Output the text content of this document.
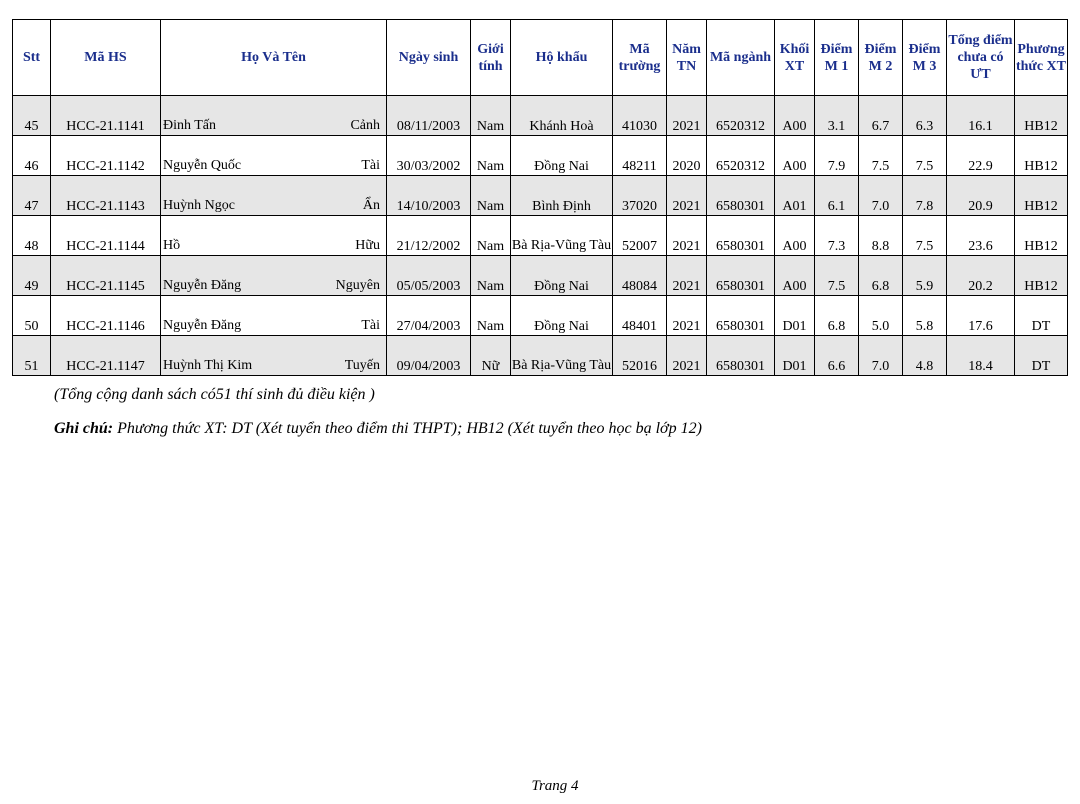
Stt	Mã HS	Họ Và Tên	Ngày sinh	Giới tính	Hộ khẩu	Mã trường	Năm TN	Mã ngành	Khối XT	Điểm M 1	Điểm M 2	Điểm M 3	Tổng điểm chưa có ƯT	Phương thức XT
45	HCC-21.1141	Đinh Tấn Cảnh	08/11/2003	Nam	Khánh Hoà	41030	2021	6520312	A00	3.1	6.7	6.3	16.1	HB12
46	HCC-21.1142	Nguyễn Quốc Tài	30/03/2002	Nam	Đồng Nai	48211	2020	6520312	A00	7.9	7.5	7.5	22.9	HB12
47	HCC-21.1143	Huỳnh Ngọc Ẩn	14/10/2003	Nam	Bình Định	37020	2021	6580301	A01	6.1	7.0	7.8	20.9	HB12
48	HCC-21.1144	Hồ Hữu	21/12/2002	Nam	Bà Rịa-Vũng Tàu	52007	2021	6580301	A00	7.3	8.8	7.5	23.6	HB12
49	HCC-21.1145	Nguyễn Đăng Nguyên	05/05/2003	Nam	Đồng Nai	48084	2021	6580301	A00	7.5	6.8	5.9	20.2	HB12
50	HCC-21.1146	Nguyễn Đăng Tài	27/04/2003	Nam	Đồng Nai	48401	2021	6580301	D01	6.8	5.0	5.8	17.6	DT
51	HCC-21.1147	Huỳnh Thị Kim Tuyến	09/04/2003	Nữ	Bà Rịa-Vũng Tàu	52016	2021	6580301	D01	6.6	7.0	4.8	18.4	DT
(Tổng cộng danh sách có51 thí sinh đủ điều kiện )
Ghi chú: Phương thức XT: DT (Xét tuyển theo điểm thi THPT); HB12 (Xét tuyển theo học bạ lớp 12)
Trang 4
